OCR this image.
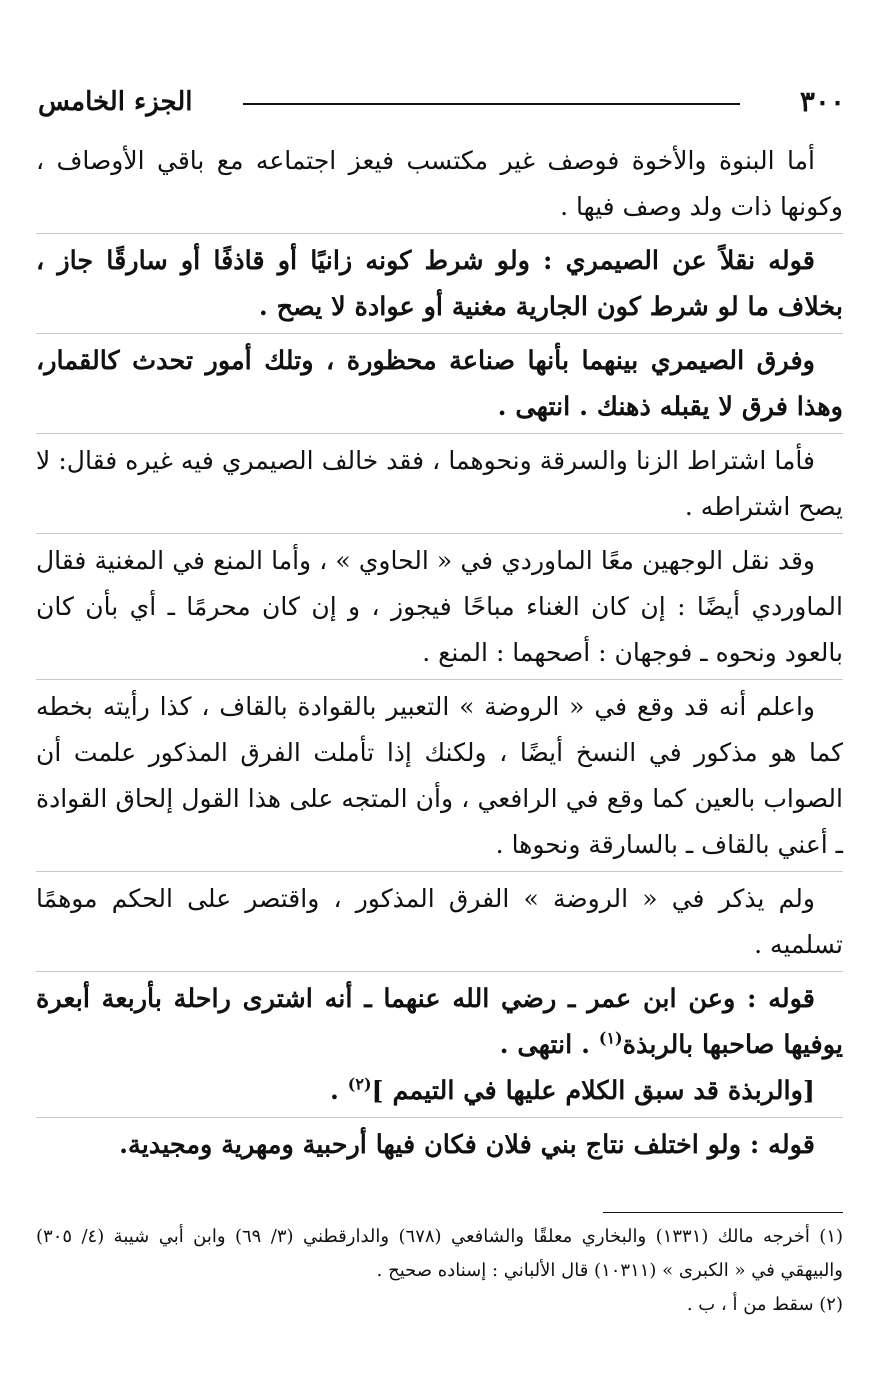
٣٠٠
الجزء الخامس

أما البنوة والأخوة فوصف غير مكتسب فيعز اجتماعه مع باقي الأوصاف ، وكونها ذات ولد وصف فيها .

قوله نقلاً عن الصيمري : ولو شرط كونه زانيًا أو قاذفًا أو سارقًا جاز ، بخلاف ما لو شرط كون الجارية مغنية أو عوادة لا يصح .

وفرق الصيمري بينهما بأنها صناعة محظورة ، وتلك أمور تحدث كالقمار، وهذا فرق لا يقبله ذهنك . انتهى .

فأما اشتراط الزنا والسرقة ونحوهما ، فقد خالف الصيمري فيه غيره فقال: لا يصح اشتراطه .

وقد نقل الوجهين معًا الماوردي في « الحاوي » ، وأما المنع في المغنية فقال الماوردي أيضًا : إن كان الغناء مباحًا فيجوز ، و إن كان محرمًا ـ أي بأن كان بالعود ونحوه ـ فوجهان : أصحهما : المنع .

واعلم أنه قد وقع في « الروضة » التعبير بالقوادة بالقاف ، كذا رأيته بخطه كما هو مذكور في النسخ أيضًا ، ولكنك إذا تأملت الفرق المذكور علمت أن الصواب بالعين كما وقع في الرافعي ، وأن المتجه على هذا القول إلحاق القوادة ـ أعني بالقاف ـ بالسارقة ونحوها .

ولم يذكر في « الروضة » الفرق المذكور ، واقتصر على الحكم موهمًا تسلميه .

قوله : وعن ابن عمر ـ رضي الله عنهما ـ أنه اشترى راحلة بأربعة أبعرة يوفيها صاحبها بالربذة$^{(١)}$ . انتهى .

[والربذة قد سبق الكلام عليها في التيمم ]$^{(٢)}$ .

قوله : ولو اختلف نتاج بني فلان فكان فيها أرحبية ومهرية ومجيدية.

(١) أخرجه مالك (١٣٣١) والبخاري معلقًا والشافعي (٦٧٨) والدارقطني (٣/ ٦٩) وابن أبي شيبة (٤/ ٣٠٥) والبيهقي في « الكبرى » (١٠٣١١) قال الألباني : إسناده صحيح .

(٢) سقط من أ ، ب .
